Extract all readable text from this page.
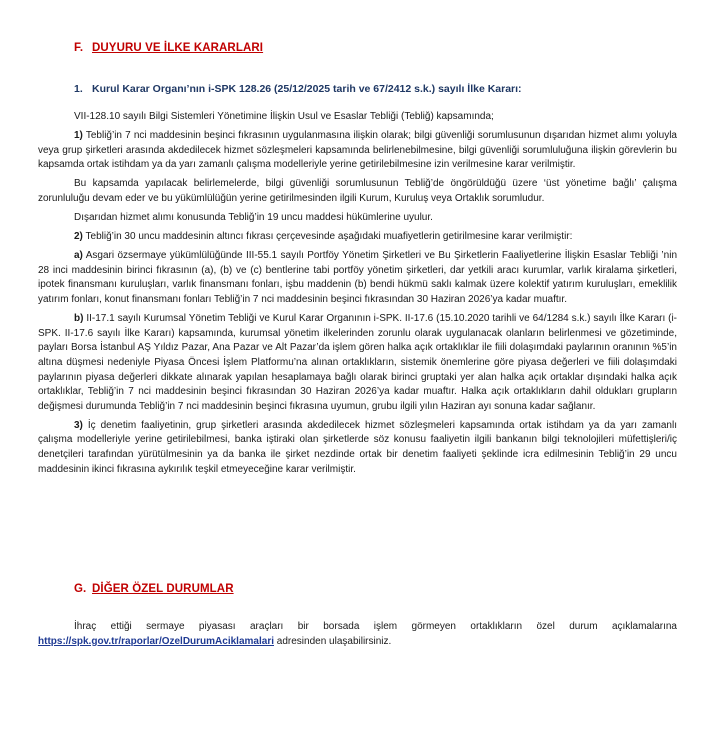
F. DUYURU VE İLKE KARARLARI
1. Kurul Karar Organı’nın i-SPK 128.26 (25/12/2025 tarih ve 67/2412 s.k.) sayılı İlke Kararı:

VII-128.10 sayılı Bilgi Sistemleri Yönetimine İlişkin Usul ve Esaslar Tebliği (Tebliğ) kapsamında;

1) Tebliğ’in 7 nci maddesinin beşinci fıkrasının uygulanmasına ilişkin olarak; bilgi güvenliği sorumlusunun dışarıdan hizmet alımı yoluyla veya grup şirketleri arasında akdedilecek hizmet sözleşmeleri kapsamında belirlenebilmesine, bilgi güvenliği sorumluluğuna ilişkin görevlerin bu kapsamda ortak istihdam ya da yarı zamanlı çalışma modelleriyle yerine getirilebilmesine izin verilmesine karar verilmiştir.

Bu kapsamda yapılacak belirlemelerde, bilgi güvenliği sorumlusunun Tebliğ’de öngörüldüğü üzere ‘üst yönetime bağlı’ çalışma zorunluluğu devam eder ve bu yükümlülüğün yerine getirilmesinden ilgili Kurum, Kuruluş veya Ortaklık sorumludur.

Dışarıdan hizmet alımı konusunda Tebliğ’in 19 uncu maddesi hükümlerine uyulur.

2) Tebliğ’in 30 uncu maddesinin altıncı fıkrası çerçevesinde aşağıdaki muafiyetlerin getirilmesine karar verilmiştir:

a) Asgari özsermaye yükümlülüğünde III-55.1 sayılı Portföy Yönetim Şirketleri ve Bu Şirketlerin Faaliyetlerine İlişkin Esaslar Tebliği ’nin 28 inci maddesinin birinci fıkrasının (a), (b) ve (c) bentlerine tabi portföy yönetim şirketleri, dar yetkili aracı kurumlar, varlık kiralama şirketleri, ipotek finansmanı kuruluşları, varlık finansmanı fonları, işbu maddenin (b) bendi hükmü saklı kalmak üzere kolektif yatırım kuruluşları, emeklilik yatırım fonları, konut finansmanı fonları Tebliğ’in 7 nci maddesinin beşinci fıkrasından 30 Haziran 2026’ya kadar muaftır.

b) II-17.1 sayılı Kurumsal Yönetim Tebliği ve Kurul Karar Organının i-SPK. II-17.6 (15.10.2020 tarihli ve 64/1284 s.k.) sayılı İlke Kararı (i-SPK. II-17.6 sayılı İlke Kararı) kapsamında, kurumsal yönetim ilkelerinden zorunlu olarak uygulanacak olanların belirlenmesi ve gözetiminde, payları Borsa İstanbul AŞ Yıldız Pazar, Ana Pazar ve Alt Pazar’da işlem gören halka açık ortaklıklar ile fiili dolaşımdaki paylarının oranının %5’in altına düşmesi nedeniyle Piyasa Öncesi İşlem Platformu’na alınan ortaklıkların, sistemik önemlerine göre piyasa değerleri ve fiili dolaşımdaki paylarının piyasa değerleri dikkate alınarak yapılan hesaplamaya bağlı olarak birinci gruptaki yer alan halka açık ortaklar dışındaki halka açık ortaklıklar, Tebliğ’in 7 nci maddesinin beşinci fıkrasından 30 Haziran 2026’ya kadar muaftır. Halka açık ortaklıkların dahil oldukları grupların değişmesi durumunda Tebliğ’in 7 nci maddesinin beşinci fıkrasına uyumun, grubu ilgili yılın Haziran ayı sonuna kadar sağlanır.

3) İç denetim faaliyetinin, grup şirketleri arasında akdedilecek hizmet sözleşmeleri kapsamında ortak istihdam ya da yarı zamanlı çalışma modelleriyle yerine getirilebilmesi, banka iştiraki olan şirketlerde söz konusu faaliyetin ilgili bankanın bilgi teknolojileri müfettişleri/iç denetçileri tarafından yürütülmesinin ya da banka ile şirket nezdinde ortak bir denetim faaliyeti şeklinde icra edilmesinin Tebliğ’in 29 uncu maddesinin ikinci fıkrasına aykırılık teşkil etmeyeceğine karar verilmiştir.

G. DİĞER ÖZEL DURUMLAR

İhraç ettiği sermaye piyasası araçları bir borsada işlem görmeyen ortaklıkların özel durum açıklamalarına https://spk.gov.tr/raporlar/OzelDurumAciklamalari adresinden ulaşabilirsiniz.
